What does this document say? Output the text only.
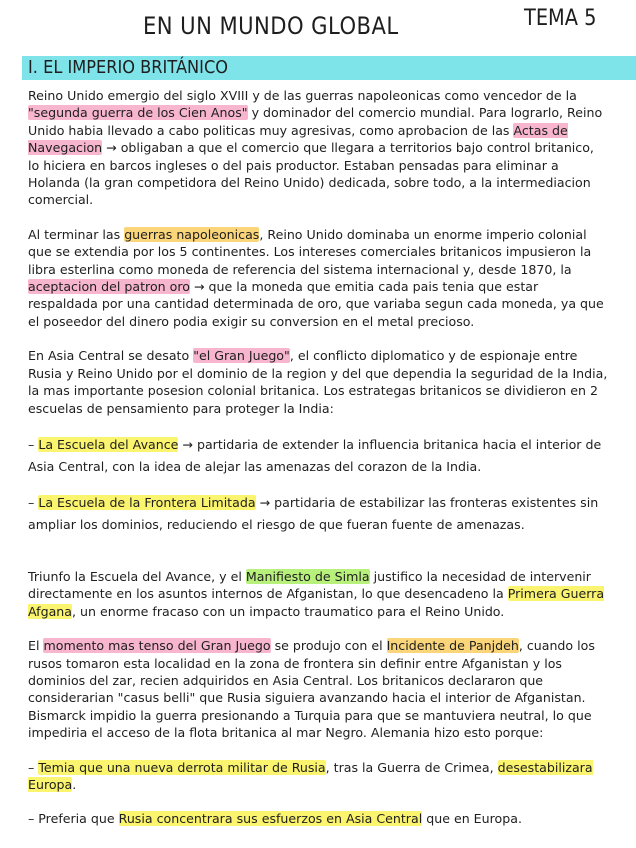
EN UN MUNDO GLOBAL	TEMA 5
I. EL IMPERIO BRITÁNICO

Reino Unido emergio del siglo XVIII y de las guerras napoleonicas como vencedor de la "segunda guerra de los Cien Anos" y dominador del comercio mundial. Para lograrlo, Reino Unido habia llevado a cabo politicas muy agresivas, como aprobacion de las Actas de Navegacion → obligaban a que el comercio que llegara a territorios bajo control britanico, lo hiciera en barcos ingleses o del pais productor. Estaban pensadas para eliminar a Holanda (la gran competidora del Reino Unido) dedicada, sobre todo, a la intermediacion comercial.

Al terminar las guerras napoleonicas, Reino Unido dominaba un enorme imperio colonial que se extendia por los 5 continentes. Los intereses comerciales britanicos impusieron la libra esterlina como moneda de referencia del sistema internacional y, desde 1870, la aceptacion del patron oro → que la moneda que emitia cada pais tenia que estar respaldada por una cantidad determinada de oro, que variaba segun cada moneda, ya que el poseedor del dinero podia exigir su conversion en el metal precioso.

En Asia Central se desato "el Gran Juego", el conflicto diplomatico y de espionaje entre Rusia y Reino Unido por el dominio de la region y del que dependia la seguridad de la India, la mas importante posesion colonial britanica. Los estrategas britanicos se dividieron en 2 escuelas de pensamiento para proteger la India:

– La Escuela del Avance → partidaria de extender la influencia britanica hacia el interior de Asia Central, con la idea de alejar las amenazas del corazon de la India.

– La Escuela de la Frontera Limitada → partidaria de estabilizar las fronteras existentes sin ampliar los dominios, reduciendo el riesgo de que fueran fuente de amenazas.

Triunfo la Escuela del Avance, y el Manifiesto de Simla justifico la necesidad de intervenir directamente en los asuntos internos de Afganistan, lo que desencadeno la Primera Guerra Afgana, un enorme fracaso con un impacto traumatico para el Reino Unido.

El momento mas tenso del Gran Juego se produjo con el Incidente de Panjdeh, cuando los rusos tomaron esta localidad en la zona de frontera sin definir entre Afganistan y los dominios del zar, recien adquiridos en Asia Central. Los britanicos declararon que considerarian "casus belli" que Rusia siguiera avanzando hacia el interior de Afganistan. Bismarck impidio la guerra presionando a Turquia para que se mantuviera neutral, lo que impediria el acceso de la flota britanica al mar Negro. Alemania hizo esto porque:

– Temia que una nueva derrota militar de Rusia, tras la Guerra de Crimea, desestabilizara Europa.

– Preferia que Rusia concentrara sus esfuerzos en Asia Central que en Europa.
